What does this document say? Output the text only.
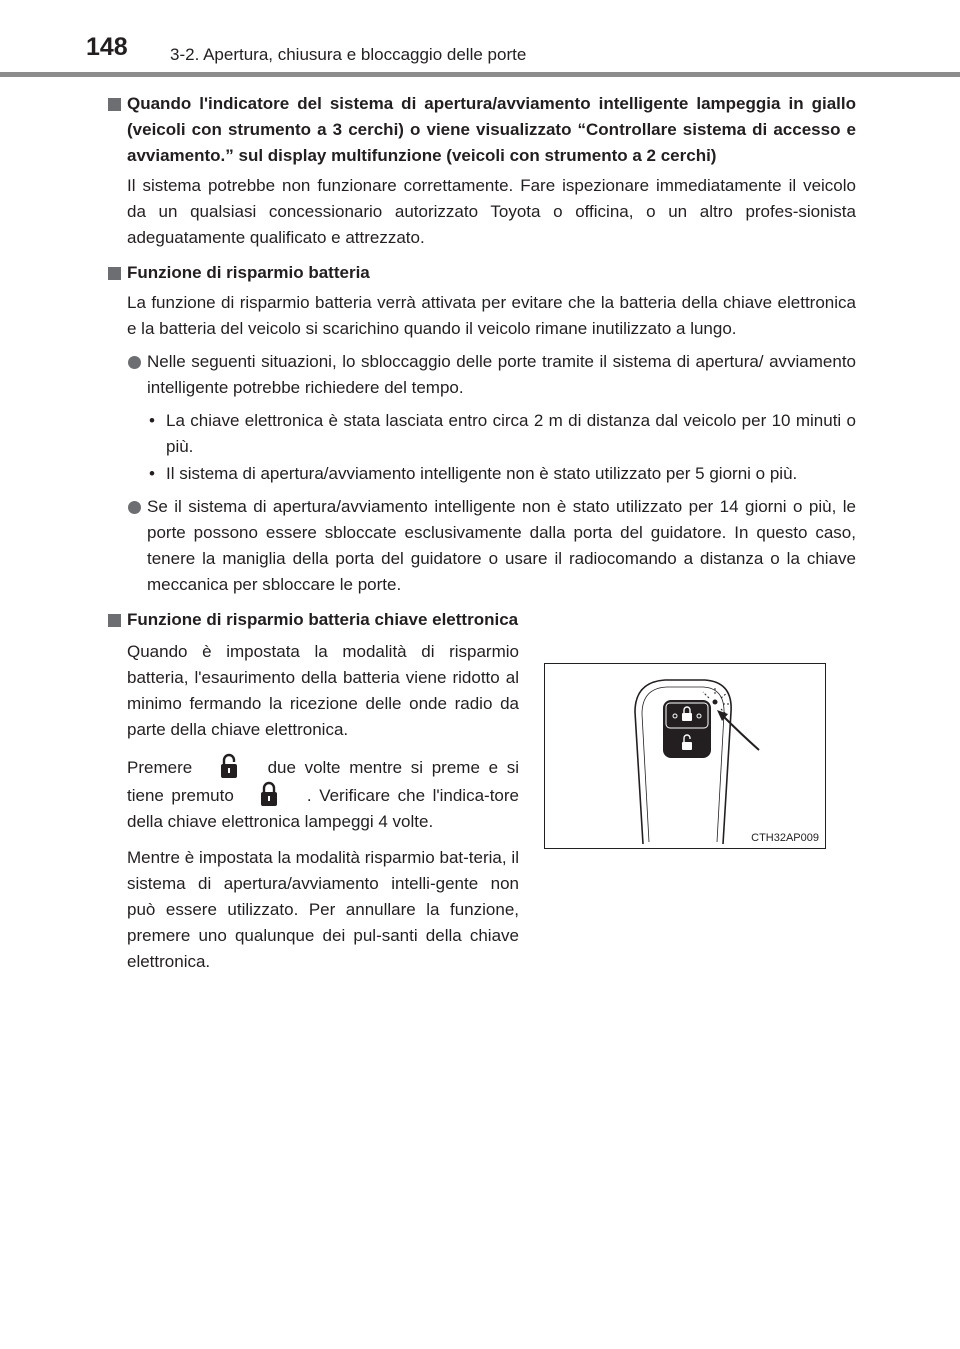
148 3-2. Apertura, chiusura e bloccaggio delle porte
Quando l'indicatore del sistema di apertura/avviamento intelligente lampeggia in giallo (veicoli con strumento a 3 cerchi) o viene visualizzato “Controllare sistema di accesso e avviamento.” sul display multifunzione (veicoli con strumento a 2 cerchi)
Il sistema potrebbe non funzionare correttamente. Fare ispezionare immediatamente il veicolo da un qualsiasi concessionario autorizzato Toyota o officina, o un altro profes-sionista adeguatamente qualificato e attrezzato.
Funzione di risparmio batteria
La funzione di risparmio batteria verrà attivata per evitare che la batteria della chiave elettronica e la batteria del veicolo si scarichino quando il veicolo rimane inutilizzato a lungo.
Nelle seguenti situazioni, lo sbloccaggio delle porte tramite il sistema di apertura/ avviamento intelligente potrebbe richiedere del tempo.
• La chiave elettronica è stata lasciata entro circa 2 m di distanza dal veicolo per 10 minuti o più.
• Il sistema di apertura/avviamento intelligente non è stato utilizzato per 5 giorni o più.
Se il sistema di apertura/avviamento intelligente non è stato utilizzato per 14 giorni o più, le porte possono essere sbloccate esclusivamente dalla porta del guidatore. In questo caso, tenere la maniglia della porta del guidatore o usare il radiocomando a distanza o la chiave meccanica per sbloccare le porte.
Funzione di risparmio batteria chiave elettronica

Quando è impostata la modalità di risparmio batteria, l'esaurimento della batteria viene ridotto al minimo fermando la ricezione delle onde radio da parte della chiave elettronica.

Premere	due volte mentre si preme e si tiene premuto	. Verificare che l'indica-tore della chiave elettronica lampeggi 4 volte.

Mentre è impostata la modalità risparmio bat-teria, il sistema di apertura/avviamento intelli-gente non può essere utilizzato. Per annullare la funzione, premere uno qualunque dei pul-santi della chiave elettronica.

CTH32AP009
